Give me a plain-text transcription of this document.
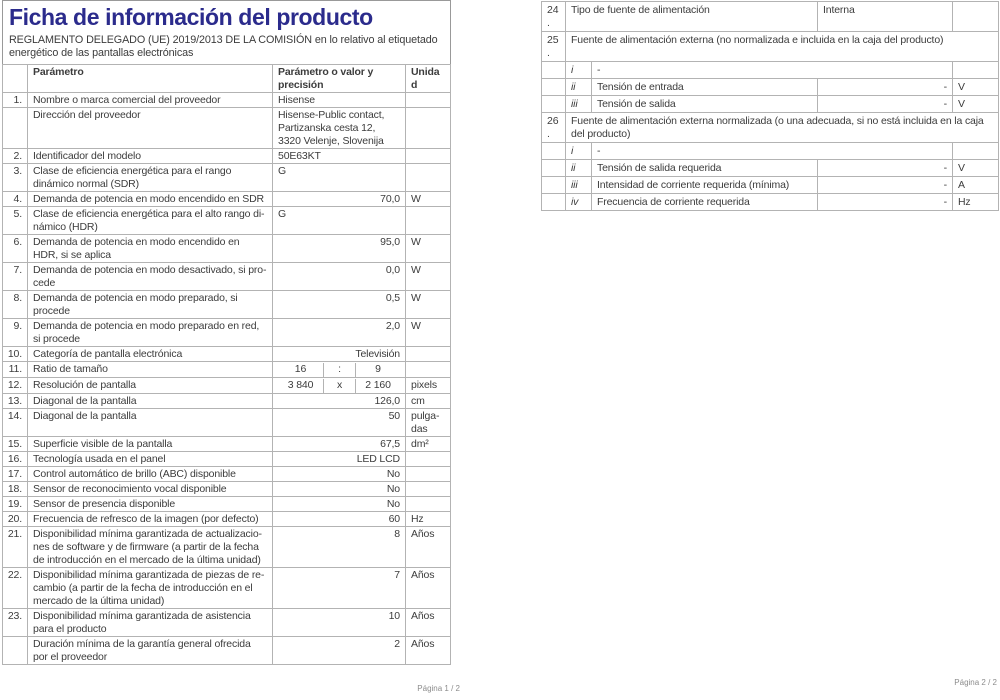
Ficha de información del producto
REGLAMENTO DELEGADO (UE) 2019/2013 DE LA COMISIÓN en lo relativo al etiquetado energético de las pantallas electrónicas
	Parámetro	Parámetro o valor y precisión	Unidad
1.	Nombre o marca comercial del proveedor	Hisense	
	Dirección del proveedor	Hisense-Public contact, Partizanska cesta 12, 3320 Velenje, Slovenija	
2.	Identificador del modelo	50E63KT	
3.	Clase de eficiencia energética para el rango dinámico normal (SDR)	G	
4.	Demanda de potencia en modo encendido en SDR	70,0	W
5.	Clase de eficiencia energética para el alto rango dinámico (HDR)	G	
6.	Demanda de potencia en modo encendido en HDR, si se aplica	95,0	W
7.	Demanda de potencia en modo desactivado, si procede	0,0	W
8.	Demanda de potencia en modo preparado, si procede	0,5	W
9.	Demanda de potencia en modo preparado en red, si procede	2,0	W
10.	Categoría de pantalla electrónica	Televisión	
11.	Ratio de tamaño	16 : 9	

12.	Resolución de pantalla	3 840 x 2 160	pixels
13.	Diagonal de la pantalla	126,0	cm
14.	Diagonal de la pantalla	50	pulgadas
15.	Superficie visible de la pantalla	67,5	dm²
16.	Tecnología usada en el panel	LED LCD	
17.	Control automático de brillo (ABC) disponible	No	
18.	Sensor de reconocimiento vocal disponible	No	
19.	Sensor de presencia disponible	No	
20.	Frecuencia de refresco de la imagen (por defecto)	60	Hz
21.	Disponibilidad mínima garantizada de actualizaciones de software y de firmware (a partir de la fecha de introducción en el mercado de la última unidad)	8	Años
22.	Disponibilidad mínima garantizada de piezas de recambio (a partir de la fecha de introducción en el mercado de la última unidad)	7	Años
23.	Disponibilidad mínima garantizada de asistencia para el producto	10	Años
	Duración mínima de la garantía general ofrecida por el proveedor	2	Años
Página 1 / 2
24.	Tipo de fuente de alimentación		Interna	
25.	Fuente de alimentación externa (no normalizada e incluida en la caja del producto)			
	i	-		
	ii	Tensión de entrada	-	V
	iii	Tensión de salida	-	V
26.	Fuente de alimentación externa normalizada (o una adecuada, si no está incluida en la caja del producto)			
	i	-		
	ii	Tensión de salida requerida	-	V
	iii	Intensidad de corriente requerida (mínima)	-	A
	iv	Frecuencia de corriente requerida	-	Hz
Página 2 / 2
